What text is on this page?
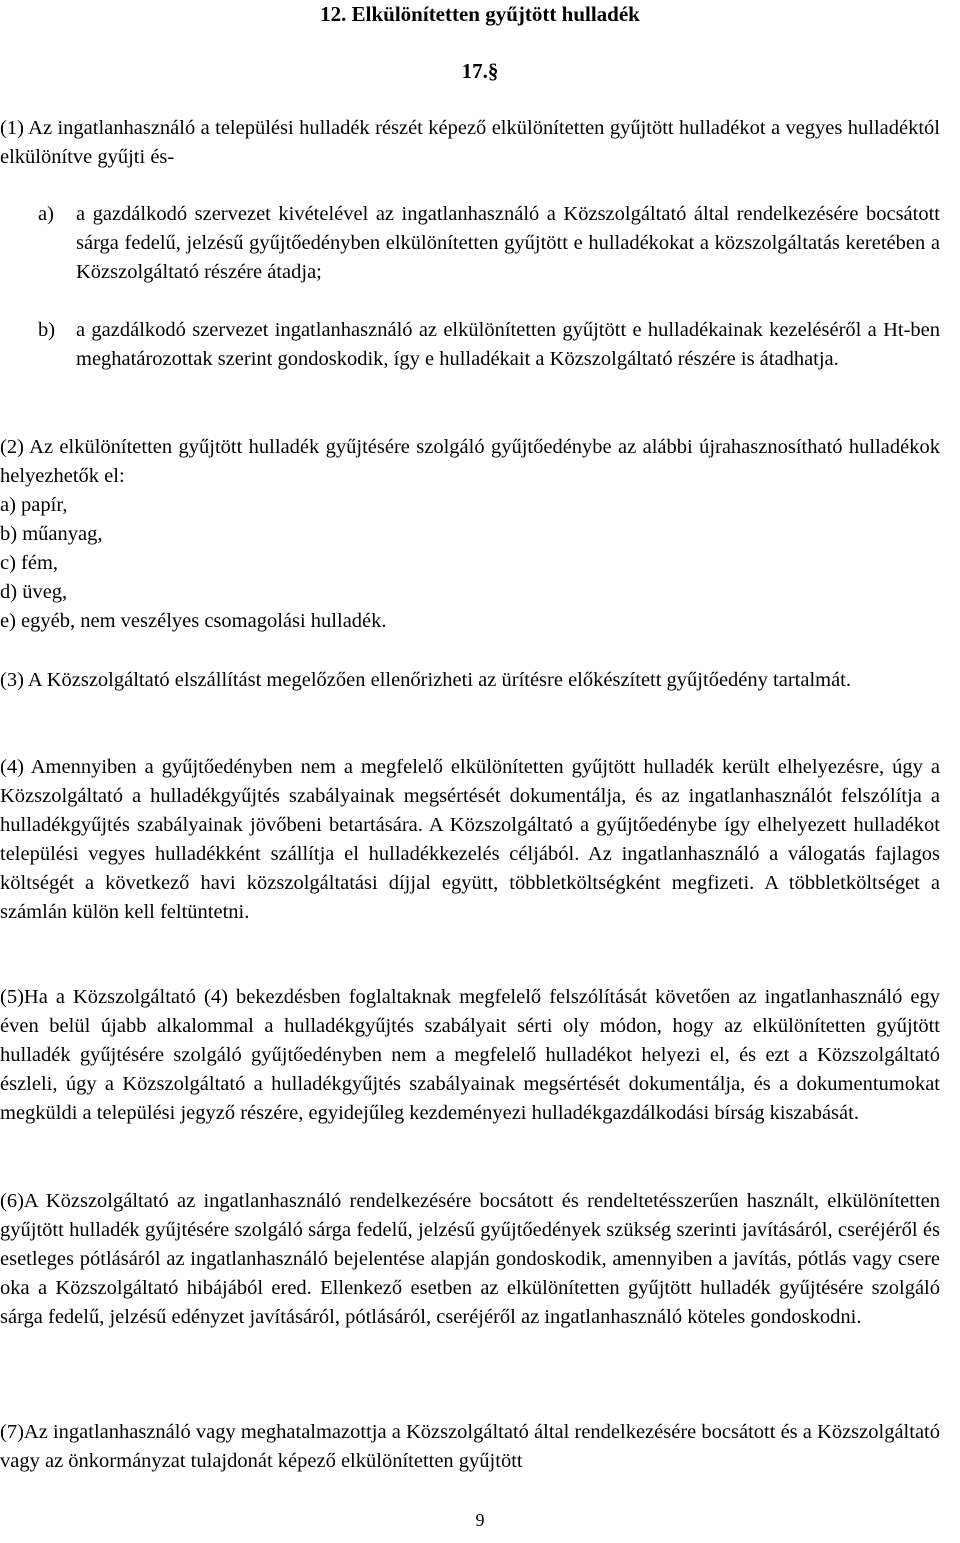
12. Elkülönítetten gyűjtött hulladék
17.§

(1) Az ingatlanhasználó a települési hulladék részét képező elkülönítetten gyűjtött hulladékot a vegyes hulladéktól elkülönítve gyűjti és-

a)	a gazdálkodó szervezet kivételével az ingatlanhasználó a Közszolgáltató által rendelkezésére bocsátott sárga fedelű, jelzésű gyűjtőedényben elkülönítetten gyűjtött e hulladékokat a közszolgáltatás keretében a Közszolgáltató részére átadja;
b)	a gazdálkodó szervezet ingatlanhasználó az elkülönítetten gyűjtött e hulladékainak kezeléséről a Ht-ben meghatározottak szerint gondoskodik, így e hulladékait a Közszolgáltató részére is átadhatja.

(2) Az elkülönítetten gyűjtött hulladék gyűjtésére szolgáló gyűjtőedénybe az alábbi újrahasznosítható hulladékok helyezhetők el:

a) papír,
b) műanyag,
c) fém,
d) üveg,
e) egyéb, nem veszélyes csomagolási hulladék.

(3) A Közszolgáltató elszállítást megelőzően ellenőrizheti az ürítésre előkészített gyűjtőedény tartalmát.

(4) Amennyiben a gyűjtőedényben nem a megfelelő elkülönítetten gyűjtött hulladék került elhelyezésre, úgy a Közszolgáltató a hulladékgyűjtés szabályainak megsértését dokumentálja, és az ingatlanhasználót felszólítja a hulladékgyűjtés szabályainak jövőbeni betartására. A Közszolgáltató a gyűjtőedénybe így elhelyezett hulladékot települési vegyes hulladékként szállítja el hulladékkezelés céljából. Az ingatlanhasználó a válogatás fajlagos költségét a következő havi közszolgáltatási díjjal együtt, többletköltségként megfizeti. A többletköltséget a számlán külön kell feltüntetni.

(5)Ha a Közszolgáltató (4) bekezdésben foglaltaknak megfelelő felszólítását követően az ingatlanhasználó egy éven belül újabb alkalommal a hulladékgyűjtés szabályait sérti oly módon, hogy az elkülönítetten gyűjtött hulladék gyűjtésére szolgáló gyűjtőedényben nem a megfelelő hulladékot helyezi el, és ezt a Közszolgáltató észleli, úgy a Közszolgáltató a hulladékgyűjtés szabályainak megsértését dokumentálja, és a dokumentumokat megküldi a települési jegyző részére, egyidejűleg kezdeményezi hulladékgazdálkodási bírság kiszabását.

(6)A Közszolgáltató az ingatlanhasználó rendelkezésére bocsátott és rendeltetésszerűen használt, elkülönítetten gyűjtött hulladék gyűjtésére szolgáló sárga fedelű, jelzésű gyűjtőedények szükség szerinti javításáról, cseréjéről és esetleges pótlásáról az ingatlanhasználó bejelentése alapján gondoskodik, amennyiben a javítás, pótlás vagy csere oka a Közszolgáltató hibájából ered. Ellenkező esetben az elkülönítetten gyűjtött hulladék gyűjtésére szolgáló sárga fedelű, jelzésű edényzet javításáról, pótlásáról, cseréjéről az ingatlanhasználó köteles gondoskodni.

(7)Az ingatlanhasználó vagy meghatalmazottja a Közszolgáltató által rendelkezésére bocsátott és a Közszolgáltató vagy az önkormányzat tulajdonát képező elkülönítetten gyűjtött

9
